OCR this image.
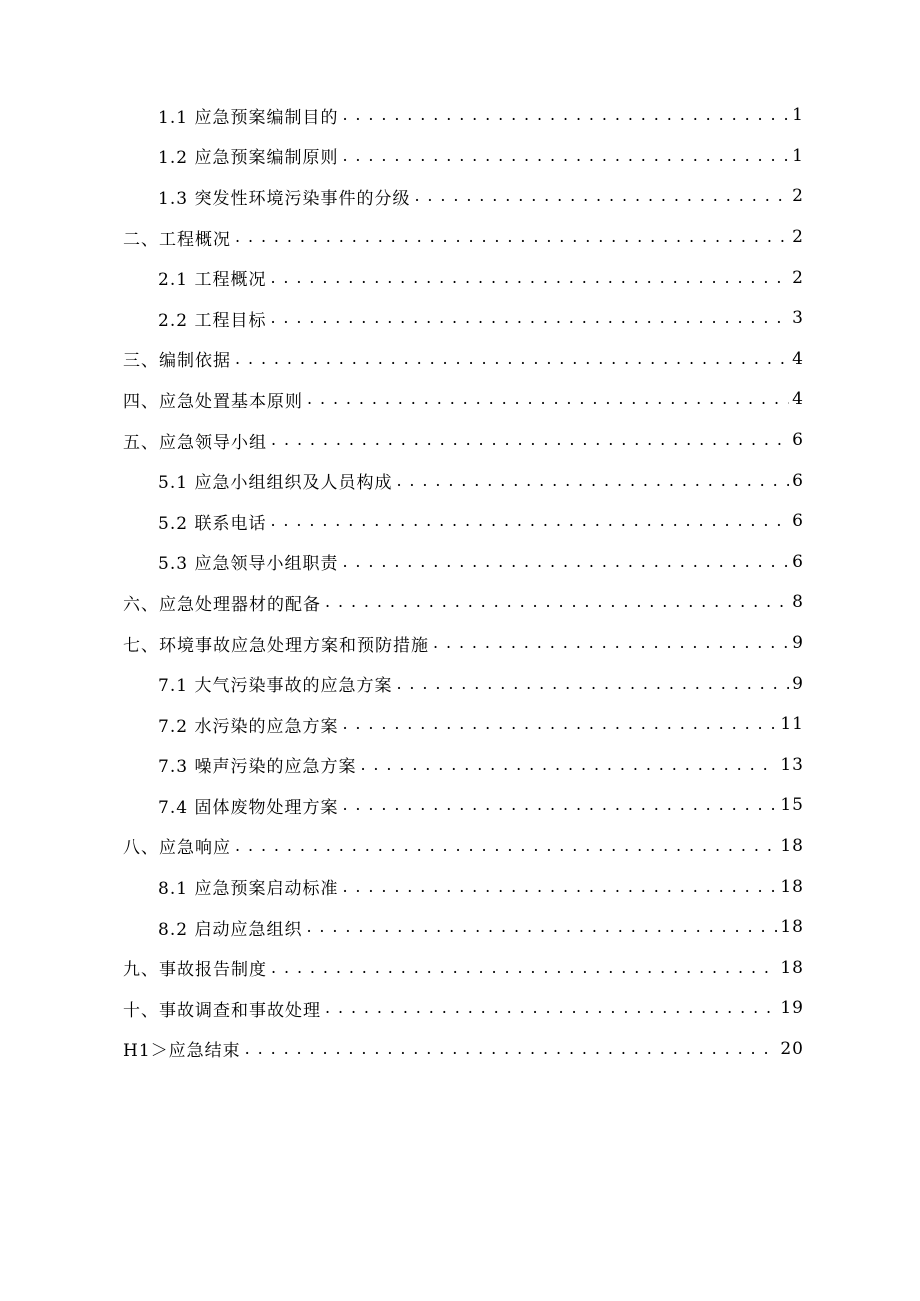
1.1 应急预案编制目的 . . .	1
1.2 应急预案编制原则 . . .	1
1.3 突发性环境污染事件的分级 . . .	2
二、工程概况 . . .	2
2.1 工程概况 . . .	2
2.2 工程目标 . . .	3
三、编制依据 . . .	4
四、应急处置基本原则 . . .	4
五、应急领导小组 . . .	6
5.1 应急小组组织及人员构成 . . .	6
5.2 联系电话 . . .	6
5.3 应急领导小组职责 . . .	6
六、应急处理器材的配备 . . .	8
七、环境事故应急处理方案和预防措施 . . .	9
7.1 大气污染事故的应急方案 . . .	9
7.2 水污染的应急方案 . . .	11
7.3 噪声污染的应急方案 . . .	13
7.4 固体废物处理方案 . . .	15
八、应急响应 . . .	18
8.1 应急预案启动标准 . . .	18
8.2 启动应急组织 . . .	18
九、事故报告制度 . . .	18
十、事故调查和事故处理 . . .	19
H1＞应急结束 . . .	20
